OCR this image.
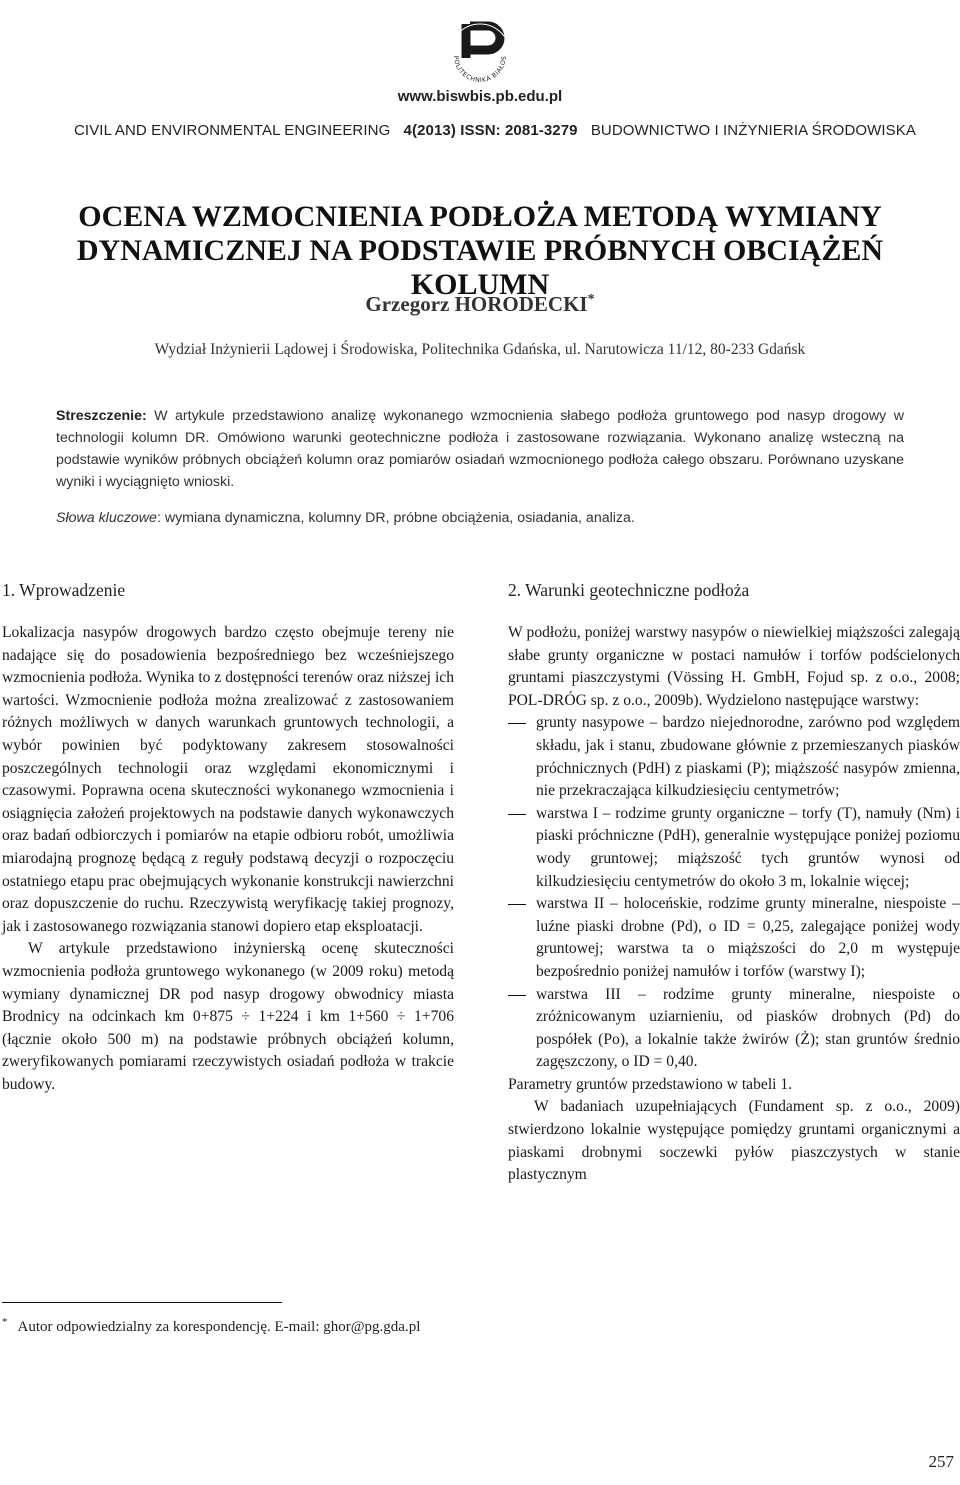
POLITECHNIKA BIAŁOS
www.biswbis.pb.edu.pl
CIVIL AND ENVIRONMENTAL ENGINEERING 4(2013) ISSN: 2081-3279 BUDOWNICTWO I INŻYNIERIA ŚRODOWISKA
OCENA WZMOCNIENIA PODŁOŻA METODĄ WYMIANY
DYNAMICZNEJ NA PODSTAWIE PRÓBNYCH OBCIĄŻEŃ KOLUMN
Grzegorz HORODECKI*
Wydział Inżynierii Lądowej i Środowiska, Politechnika Gdańska, ul. Narutowicza 11/12, 80-233 Gdańsk
Streszczenie: W artykule przedstawiono analizę wykonanego wzmocnienia słabego podłoża gruntowego pod nasyp drogowy w technologii kolumn DR. Omówiono warunki geotechniczne podłoża i zastosowane rozwiązania. Wykonano analizę wsteczną na podstawie wyników próbnych obciążeń kolumn oraz pomiarów osiadań wzmocnionego podłoża całego obszaru. Porównano uzyskane wyniki i wyciągnięto wnioski.
Słowa kluczowe: wymiana dynamiczna, kolumny DR, próbne obciążenia, osiadania, analiza.
1. Wprowadzenie	2. Warunki geotechniczne podłoża

Lokalizacja nasypów drogowych bardzo często obejmuje tereny nie nadające się do posadowienia bezpośredniego bez wcześniejszego wzmocnienia podłoża. Wynika to z dostępności terenów oraz niższej ich wartości. Wzmocnienie podłoża można zrealizować z zastosowaniem różnych możliwych w danych warunkach gruntowych technologii, a wybór powinien być podyktowany zakresem stosowalności poszczególnych technologii oraz względami ekonomicznymi i czasowymi. Poprawna ocena skuteczności wykonanego wzmocnienia i osiągnięcia założeń projektowych na podstawie danych wykonawczych oraz badań odbiorczych i pomiarów na etapie odbioru robót, umożliwia miarodajną prognozę będącą z reguły podstawą decyzji o rozpoczęciu ostatniego etapu prac obejmujących wykonanie konstrukcji nawierzchni oraz dopuszczenie do ruchu. Rzeczywistą weryfikację takiej prognozy, jak i zastosowanego rozwiązania stanowi dopiero etap eksploatacji.

W artykule przedstawiono inżynierską ocenę skuteczności wzmocnienia podłoża gruntowego wykonanego (w 2009 roku) metodą wymiany dynamicznej DR pod nasyp drogowy obwodnicy miasta Brodnicy na odcinkach km 0+875 ÷ 1+224 i km 1+560 ÷ 1+706 (łącznie około 500 m) na podstawie próbnych obciążeń kolumn, zweryfikowanych pomiarami rzeczywistych osiadań podłoża w trakcie budowy.

W podłożu, poniżej warstwy nasypów o niewielkiej miąższości zalegają słabe grunty organiczne w postaci namułów i torfów podścielonych gruntami piaszczystymi (Vössing H. GmbH, Fojud sp. z o.o., 2008; POL-DRÓG sp. z o.o., 2009b). Wydzielono następujące warstwy:

grunty nasypowe – bardzo niejednorodne, zarówno pod względem składu, jak i stanu, zbudowane głównie z przemieszanych piasków próchnicznych (PdH) z piaskami (P); miąższość nasypów zmienna, nie przekraczająca kilkudziesięciu centymetrów;
warstwa I – rodzime grunty organiczne – torfy (T), namuły (Nm) i piaski próchniczne (PdH), generalnie występujące poniżej poziomu wody gruntowej; miąższość tych gruntów wynosi od kilkudziesięciu centymetrów do około 3 m, lokalnie więcej;
warstwa II – holoceńskie, rodzime grunty mineralne, niespoiste – luźne piaski drobne (Pd), o ID = 0,25, zalegające poniżej wody gruntowej; warstwa ta o miąższości do 2,0 m występuje bezpośrednio poniżej namułów i torfów (warstwy I);
warstwa III – rodzime grunty mineralne, niespoiste o zróżnicowanym uziarnieniu, od piasków drobnych (Pd) do pospółek (Po), a lokalnie także żwirów (Ż); stan gruntów średnio zagęszczony, o ID = 0,40.

Parametry gruntów przedstawiono w tabeli 1.

W badaniach uzupełniających (Fundament sp. z o.o., 2009) stwierdzono lokalnie występujące pomiędzy gruntami organicznymi a piaskami drobnymi soczewki pyłów piaszczystych w stanie plastycznym

* Autor odpowiedzialny za korespondencję. E-mail: ghor@pg.gda.pl
257
